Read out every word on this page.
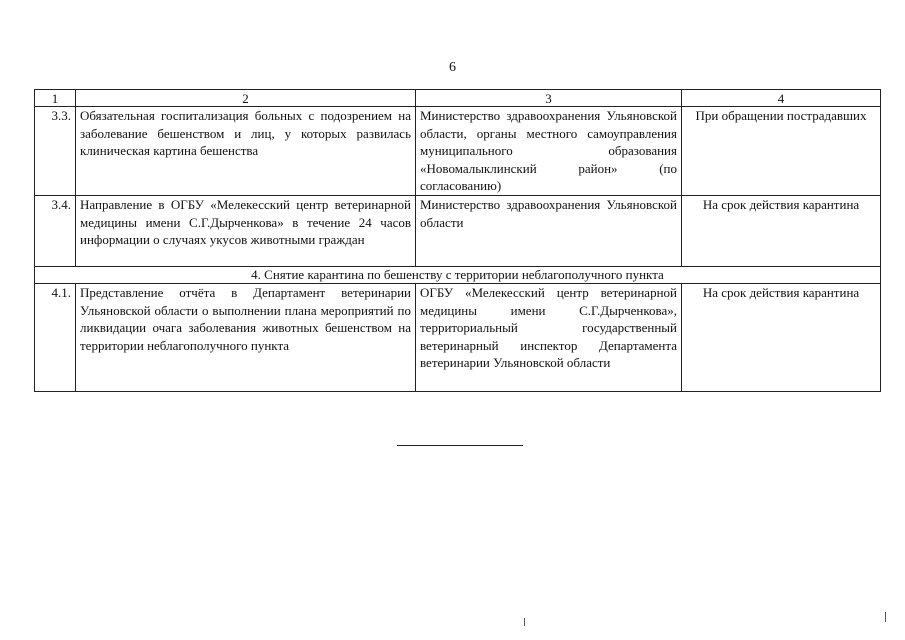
6
1	2	3	4
3.3.	Обязательная госпитализация больных с подозрением на заболевание бешенством и лиц, у которых развилась клиническая картина бешенства	Министерство здравоохранения Ульяновской области, органы местного самоуправления муниципального образования «Новомалыклинский район» (по согласованию)	При обращении пострадавших
3.4.	Направление в ОГБУ «Мелекесский центр ветеринарной медицины имени С.Г.Дырченкова» в течение 24 часов информации о случаях укусов животными граждан	Министерство здравоохранения Ульяновской области	На срок действия карантина
4. Снятие карантина по бешенству с территории неблагополучного пункта			
4.1.	Представление отчёта в Департамент ветеринарии Ульяновской области о выполнении плана мероприятий по ликвидации очага заболевания животных бешенством на территории неблагополучного пункта	ОГБУ «Мелекесский центр ветеринарной медицины имени С.Г.Дырченкова», территориальный государственный ветеринарный инспектор Департамента ветеринарии Ульяновской области	На срок действия карантина
